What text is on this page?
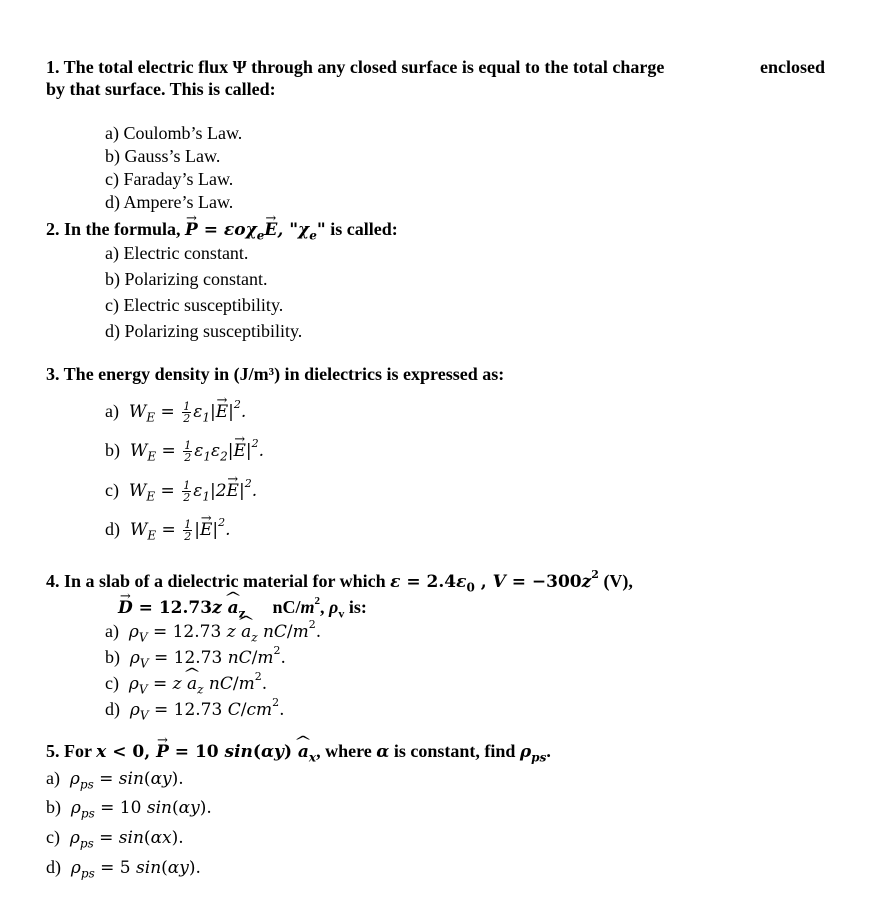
1. The total electric flux Ψ through any closed surface is equal to the total charge	enclosed
by that surface. This is called:
a) Coulomb’s Law.
b) Gauss’s Law.
c) Faraday’s Law.
d) Ampere’s Law.
2. In the formula, → P = εoχ$_e$→ E, "$\chi_e$" is called:
a) Electric constant.
b) Polarizing constant.
c) Electric susceptibility.
d) Polarizing susceptibility.
3. The energy density in (J/m³) in dielectrics is expressed as:
a)  $W_E = \frac{1}{2} \varepsilon_1|\to E|^2$.
b)  $W_E = \frac{1}{2} \varepsilon_1\varepsilon_2|\to E|^2$.
c)  $W_E = \frac{1}{2} \varepsilon_1|2\to E|^2$.
d)  $W_E = \frac{1}{2}$ |→ $E|^2$.
4. In a slab of a dielectric material for which $\varepsilon = 2.4\varepsilon_0$ , $V = -300z^2$ (V),
→ D = 12.73z ^ $a_z$      $nC/m^2$, $\rho_v$ is:
a) $\rho_V = 12.73$ z ^ $a_z$ $nC/m^2$.
b) $\rho_V = 12.73$ $nC/m^2$.
c) $\rho_V = z$ ^ $a_z$ $nC/m^2$.
d) $\rho_V = 12.73$ $C/cm^2$.
5. For x < 0, → P = 10 sin(αy) ^ $a_x$, where α is constant, find $\rho_{ps}$.
a) $\rho_{ps} = \sin(\alpha y)$.
b) $\rho_{ps} = 10$ sin(αy).
c) $\rho_{ps} = \sin(\alpha x)$.
d) $\rho_{ps} = 5$ sin(αy).
